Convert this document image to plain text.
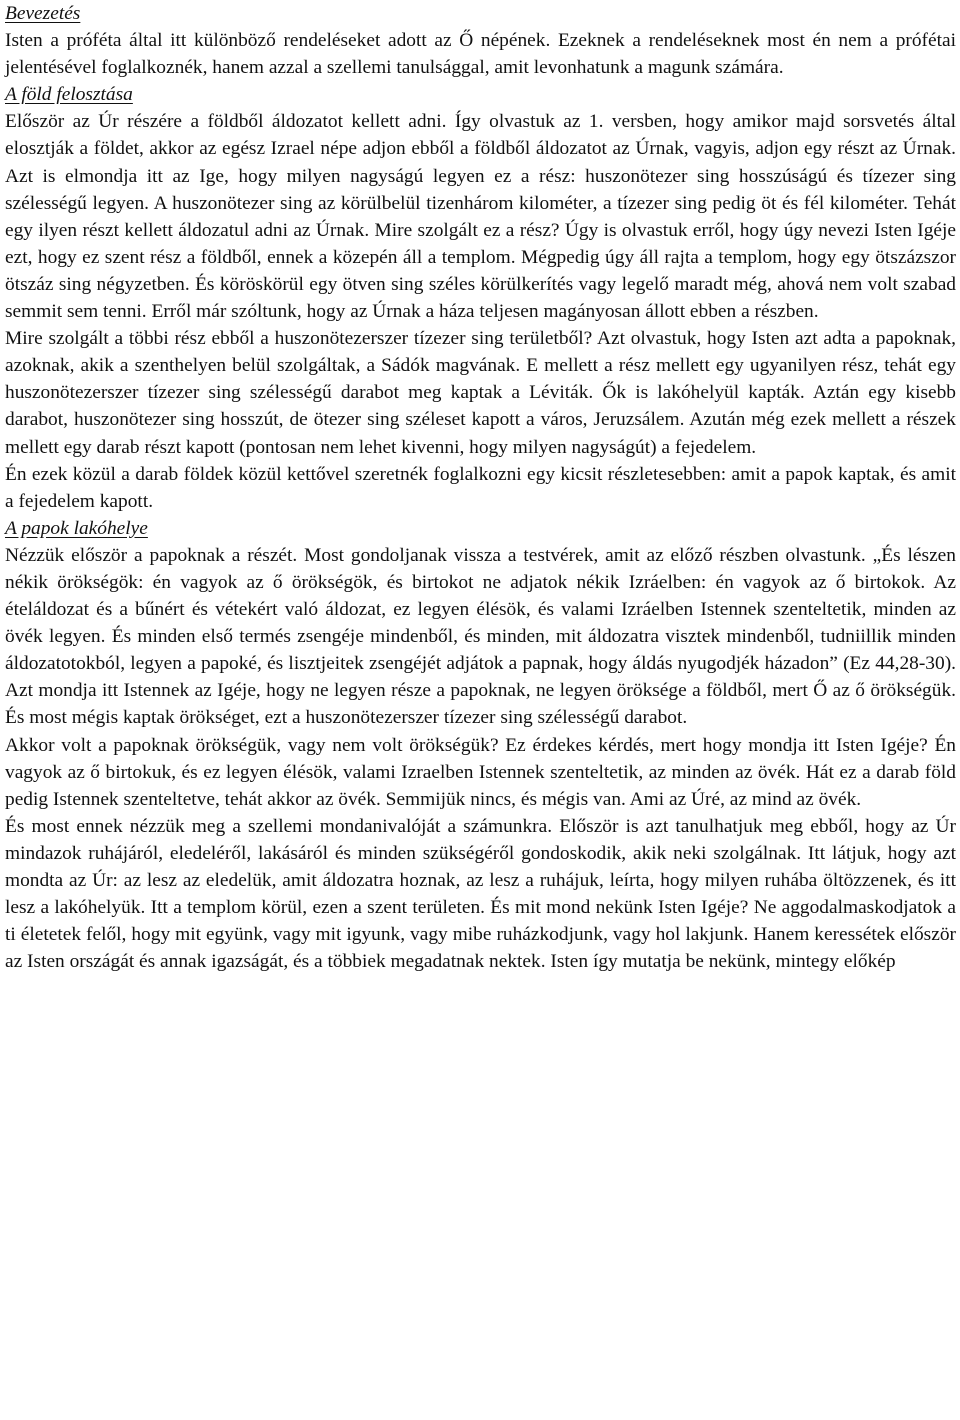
Bevezetés

Isten a próféta által itt különböző rendeléseket adott az Ő népének. Ezeknek a rendeléseknek most én nem a prófétai jelentésével foglalkoznék, hanem azzal a szellemi tanulsággal, amit levonhatunk a magunk számára.

A föld felosztása

Először az Úr részére a földből áldozatot kellett adni. Így olvastuk az 1. versben, hogy amikor majd sorsvetés által elosztják a földet, akkor az egész Izrael népe adjon ebből a földből áldozatot az Úrnak, vagyis, adjon egy részt az Úrnak. Azt is elmondja itt az Ige, hogy milyen nagyságú legyen ez a rész: huszonötezer sing hosszúságú és tízezer sing szélességű legyen. A huszonötezer sing az körülbelül tizenhárom kilométer, a tízezer sing pedig öt és fél kilométer. Tehát egy ilyen részt kellett áldozatul adni az Úrnak. Mire szolgált ez a rész? Úgy is olvastuk erről, hogy úgy nevezi Isten Igéje ezt, hogy ez szent rész a földből, ennek a közepén áll a templom. Mégpedig úgy áll rajta a templom, hogy egy ötszázszor ötszáz sing négyzetben. És köröskörül egy ötven sing széles körülkerítés vagy legelő maradt még, ahová nem volt szabad semmit sem tenni. Erről már szóltunk, hogy az Úrnak a háza teljesen magányosan állott ebben a részben.

Mire szolgált a többi rész ebből a huszonötezerszer tízezer sing területből? Azt olvastuk, hogy Isten azt adta a papoknak, azoknak, akik a szenthelyen belül szolgáltak, a Sádók magvának. E mellett a rész mellett egy ugyanilyen rész, tehát egy huszonötezerszer tízezer sing szélességű darabot meg kaptak a Léviták. Ők is lakóhelyül kapták. Aztán egy kisebb darabot, huszonötezer sing hosszút, de ötezer sing széleset kapott a város, Jeruzsálem. Azután még ezek mellett a részek mellett egy darab részt kapott (pontosan nem lehet kivenni, hogy milyen nagyságút) a fejedelem.

Én ezek közül a darab földek közül kettővel szeretnék foglalkozni egy kicsit részletesebben: amit a papok kaptak, és amit a fejedelem kapott.

A papok lakóhelye

Nézzük először a papoknak a részét. Most gondoljanak vissza a testvérek, amit az előző részben olvastunk. „És lészen nékik örökségök: én vagyok az ő örökségök, és birtokot ne adjatok nékik Izráelben: én vagyok az ő birtokok. Az ételáldozat és a bűnért és vétekért való áldozat, ez legyen élésök, és valami Izráelben Istennek szenteltetik, minden az övék legyen. És minden első termés zsengéje mindenből, és minden, mit áldozatra visztek mindenből, tudniillik minden áldozatotokból, legyen a papoké, és lisztjeitek zsengéjét adjátok a papnak, hogy áldás nyugodjék házadon” (Ez 44,28-30). Azt mondja itt Istennek az Igéje, hogy ne legyen része a papoknak, ne legyen öröksége a földből, mert Ő az ő örökségük. És most mégis kaptak örökséget, ezt a huszonötezerszer tízezer sing szélességű darabot.

Akkor volt a papoknak örökségük, vagy nem volt örökségük? Ez érdekes kérdés, mert hogy mondja itt Isten Igéje? Én vagyok az ő birtokuk, és ez legyen élésök, valami Izraelben Istennek szenteltetik, az minden az övék. Hát ez a darab föld pedig Istennek szenteltetve, tehát akkor az övék. Semmijük nincs, és mégis van. Ami az Úré, az mind az övék.

És most ennek nézzük meg a szellemi mondanivalóját a számunkra. Először is azt tanulhatjuk meg ebből, hogy az Úr mindazok ruhájáról, eledeléről, lakásáról és minden szükségéről gondoskodik, akik neki szolgálnak. Itt látjuk, hogy azt mondta az Úr: az lesz az eledelük, amit áldozatra hoznak, az lesz a ruhájuk, leírta, hogy milyen ruhába öltözzenek, és itt lesz a lakóhelyük. Itt a templom körül, ezen a szent területen. És mit mond nekünk Isten Igéje? Ne aggodalmaskodjatok a ti életetek felől, hogy mit együnk, vagy mit igyunk, vagy mibe ruházkodjunk, vagy hol lakjunk. Hanem keressétek először az Isten országát és annak igazságát, és a többiek megadatnak nektek. Isten így mutatja be nekünk, mintegy előkép
